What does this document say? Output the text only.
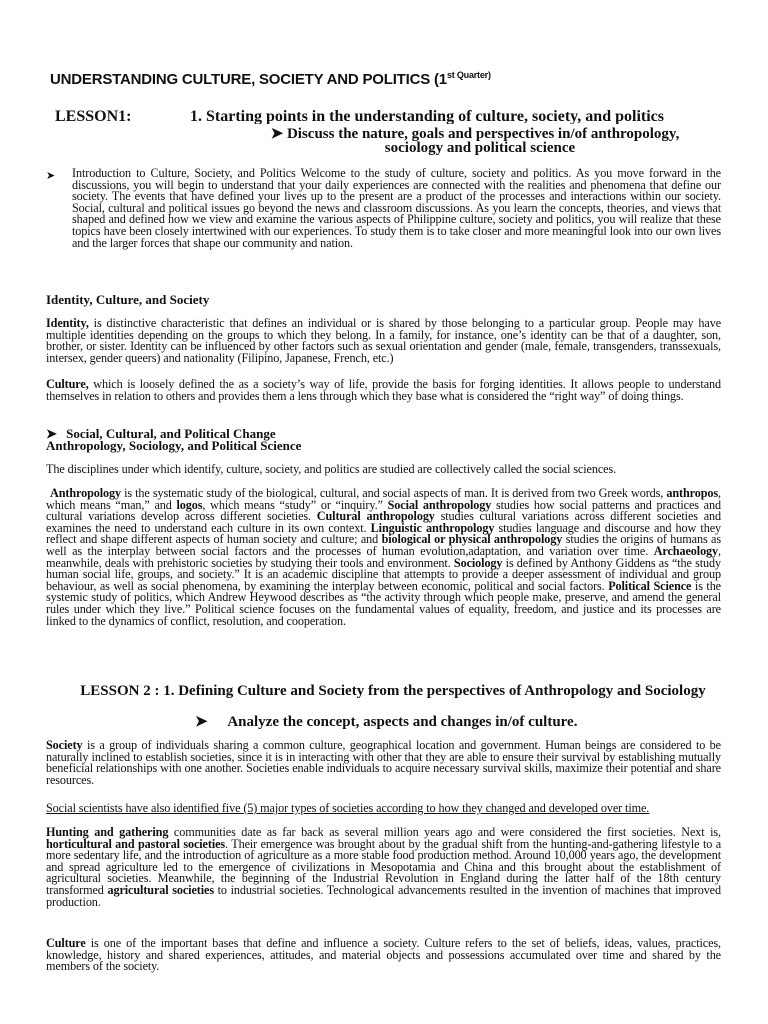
UNDERSTANDING CULTURE, SOCIETY AND POLITICS ($1^{st Quarter)}$
LESSON1:	1. Starting points in the understanding of culture, society, and politics
➤ Discuss the nature, goals and perspectives in/of anthropology,
sociology and political science
➤ Introduction to Culture, Society, and Politics Welcome to the study of culture, society and politics. As you move forward in the discussions, you will begin to understand that your daily experiences are connected with the realities and phenomena that define our society. The events that have defined your lives up to the present are a product of the processes and interactions within our society. Social, cultural and political issues go beyond the news and classroom discussions. As you learn the concepts, theories, and views that shaped and defined how we view and examine the various aspects of Philippine culture, society and politics, you will realize that these topics have been closely intertwined with our experiences. To study them is to take closer and more meaningful look into our own lives and the larger forces that shape our community and nation.
Identity, Culture, and Society
Identity, is distinctive characteristic that defines an individual or is shared by those belonging to a particular group. People may have multiple identities depending on the groups to which they belong. In a family, for instance, one’s identity can be that of a daughter, son, brother, or sister. Identity can be influenced by other factors such as sexual orientation and gender (male, female, transgenders, transsexuals, intersex, gender queers) and nationality (Filipino, Japanese, French, etc.)
Culture, which is loosely defined the as a society’s way of life, provide the basis for forging identities. It allows people to understand themselves in relation to others and provides them a lens through which they base what is considered the “right way” of doing things.
➤ Social, Cultural, and Political Change
Anthropology, Sociology, and Political Science
The disciplines under which identify, culture, society, and politics are studied are collectively called the social sciences.
Anthropology is the systematic study of the biological, cultural, and social aspects of man. It is derived from two Greek words, anthropos, which means “man,” and logos, which means “study” or “inquiry.” Social anthropology studies how social patterns and practices and cultural variations develop across different societies. Cultural anthropology studies cultural variations across different societies and examines the need to understand each culture in its own context. Linguistic anthropology studies language and discourse and how they reflect and shape different aspects of human society and culture; and biological or physical anthropology studies the origins of humans as well as the interplay between social factors and the processes of human evolution,adaptation, and variation over time. Archaeology, meanwhile, deals with prehistoric societies by studying their tools and environment. Sociology is defined by Anthony Giddens as “the study human social life, groups, and society.” It is an academic discipline that attempts to provide a deeper assessment of individual and group behaviour, as well as social phenomena, by examining the interplay between economic, political and social factors. Political Science is the systemic study of politics, which Andrew Heywood describes as “the activity through which people make, preserve, and amend the general rules under which they live.” Political science focuses on the fundamental values of equality, freedom, and justice and its processes are linked to the dynamics of conflict, resolution, and cooperation.
LESSON 2 : 1. Defining Culture and Society from the perspectives of Anthropology and Sociology
➤ Analyze the concept, aspects and changes in/of culture.
Society is a group of individuals sharing a common culture, geographical location and government. Human beings are considered to be naturally inclined to establish societies, since it is in interacting with other that they are able to ensure their survival by establishing mutually beneficial relationships with one another. Societies enable individuals to acquire necessary survival skills, maximize their potential and share resources.
Social scientists have also identified five (5) major types of societies according to how they changed and developed over time.
Hunting and gathering communities date as far back as several million years ago and were considered the first societies. Next is, horticultural and pastoral societies. Their emergence was brought about by the gradual shift from the hunting-and-gathering lifestyle to a more sedentary life, and the introduction of agriculture as a more stable food production method. Around 10,000 years ago, the development and spread agriculture led to the emergence of civilizations in Mesopotamia and China and this brought about the establishment of agricultural societies. Meanwhile, the beginning of the Industrial Revolution in England during the latter half of the 18th century transformed agricultural societies to industrial societies. Technological advancements resulted in the invention of machines that improved production.
Culture is one of the important bases that define and influence a society. Culture refers to the set of beliefs, ideas, values, practices, knowledge, history and shared experiences, attitudes, and material objects and possessions accumulated over time and shared by the members of the society.
